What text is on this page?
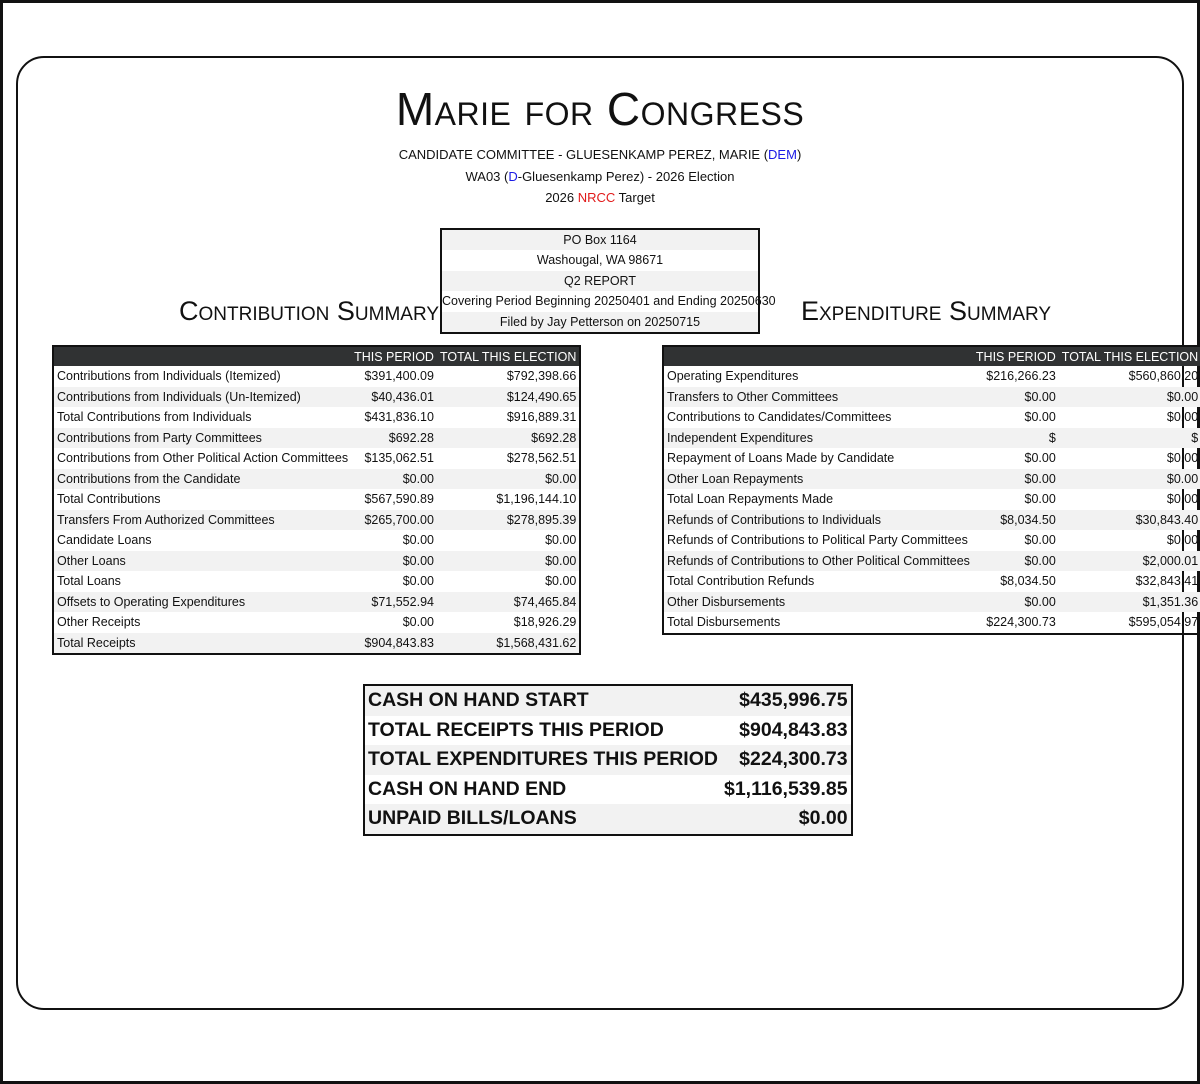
Marie for Congress
CANDIDATE COMMITTEE - GLUESENKAMP PEREZ, MARIE (DEM)
WA03 (D-Gluesenkamp Perez) - 2026 Election
2026 NRCC Target
PO Box 1164
Washougal, WA 98671
Q2 REPORT
Covering Period Beginning 20250401 and Ending 20250630
Filed by Jay Petterson on 20250715
Contribution Summary	Expenditure Summary
	THIS PERIOD	TOTAL THIS ELECTION
Contributions from Individuals (Itemized)	$391,400.09	$792,398.66
Contributions from Individuals (Un-Itemized)	$40,436.01	$124,490.65
Total Contributions from Individuals	$431,836.10	$916,889.31
Contributions from Party Committees	$692.28	$692.28
Contributions from Other Political Action Committees	$135,062.51	$278,562.51
Contributions from the Candidate	$0.00	$0.00
Total Contributions	$567,590.89	$1,196,144.10
Transfers From Authorized Committees	$265,700.00	$278,895.39
Candidate Loans	$0.00	$0.00
Other Loans	$0.00	$0.00
Total Loans	$0.00	$0.00
Offsets to Operating Expenditures	$71,552.94	$74,465.84
Other Receipts	$0.00	$18,926.29
Total Receipts	$904,843.83	$1,568,431.62
	THIS PERIOD	TOTAL THIS ELECTION
Operating Expenditures	$216,266.23	$560,860.20
Transfers to Other Committees	$0.00	$0.00
Contributions to Candidates/Committees	$0.00	$0.00
Independent Expenditures	$	$
Repayment of Loans Made by Candidate	$0.00	$0.00
Other Loan Repayments	$0.00	$0.00
Total Loan Repayments Made	$0.00	$0.00
Refunds of Contributions to Individuals	$8,034.50	$30,843.40
Refunds of Contributions to Political Party Committees	$0.00	$0.00
Refunds of Contributions to Other Political Committees	$0.00	$2,000.01
Total Contribution Refunds	$8,034.50	$32,843.41
Other Disbursements	$0.00	$1,351.36
Total Disbursements	$224,300.73	$595,054.97
CASH ON HAND START	$435,996.75
TOTAL RECEIPTS THIS PERIOD	$904,843.83
TOTAL EXPENDITURES THIS PERIOD	$224,300.73
CASH ON HAND END	$1,116,539.85
UNPAID BILLS/LOANS	$0.00
